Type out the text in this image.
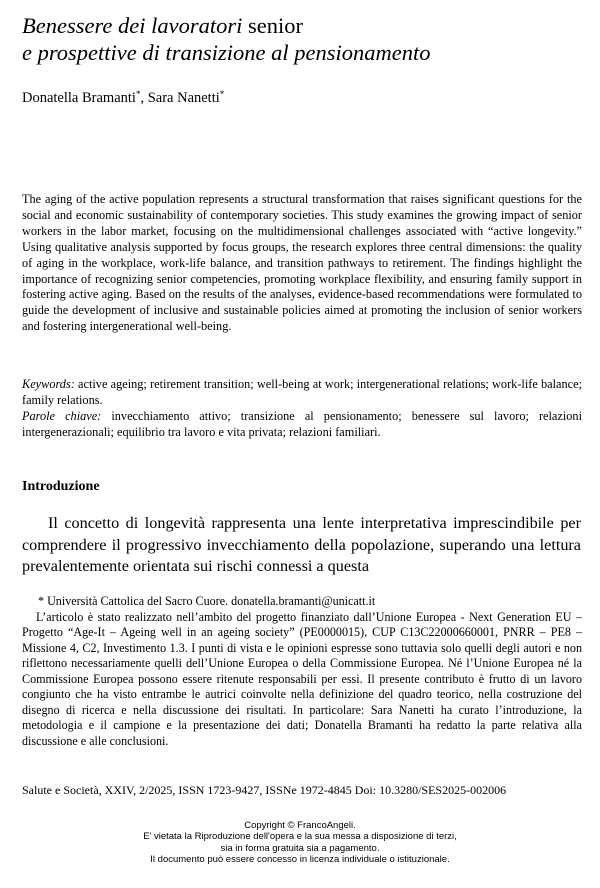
Benessere dei lavoratori senior
e prospettive di transizione al pensionamento
Donatella Bramanti*, Sara Nanetti*
The aging of the active population represents a structural transformation that raises significant questions for the social and economic sustainability of contemporary societies. This study examines the growing impact of senior workers in the labor market, focusing on the multidimensional challenges associated with “active longevity.” Using qualitative analysis supported by focus groups, the research explores three central dimensions: the quality of aging in the workplace, work-life balance, and transition pathways to retirement. The findings highlight the importance of recognizing senior competencies, promoting workplace flexibility, and ensuring family support in fostering active aging. Based on the results of the analyses, evidence-based recommendations were formulated to guide the development of inclusive and sustainable policies aimed at promoting the inclusion of senior workers and fostering intergenerational well-being.
Keywords: active ageing; retirement transition; well-being at work; intergenerational relations; work-life balance; family relations.
Parole chiave: invecchiamento attivo; transizione al pensionamento; benessere sul lavoro; relazioni intergenerazionali; equilibrio tra lavoro e vita privata; relazioni familiari.
Introduzione
Il concetto di longevità rappresenta una lente interpretativa imprescindibile per comprendere il progressivo invecchiamento della popolazione, superando una lettura prevalentemente orientata sui rischi connessi a questa
* Università Cattolica del Sacro Cuore. donatella.bramanti@unicatt.it
L’articolo è stato realizzato nell’ambito del progetto finanziato dall’Unione Europea - Next Generation EU – Progetto “Age-It – Ageing well in an ageing society” (PE0000015), CUP C13C22000660001, PNRR – PE8 – Missione 4, C2, Investimento 1.3. I punti di vista e le opinioni espresse sono tuttavia solo quelli degli autori e non riflettono necessariamente quelli dell’Unione Europea o della Commissione Europea. Né l’Unione Europea né la Commissione Europea possono essere ritenute responsabili per essi. Il presente contributo è frutto di un lavoro congiunto che ha visto entrambe le autrici coinvolte nella definizione del quadro teorico, nella costruzione del disegno di ricerca e nella discussione dei risultati. In particolare: Sara Nanetti ha curato l’introduzione, la metodologia e il campione e la presentazione dei dati; Donatella Bramanti ha redatto la parte relativa alla discussione e alle conclusioni.
Salute e Società, XXIV, 2/2025, ISSN 1723-9427, ISSNe 1972-4845 Doi: 10.3280/SES2025-002006
Copyright © FrancoAngeli.
E' vietata la Riproduzione dell'opera e la sua messa a disposizione di terzi,
sia in forma gratuita sia a pagamento.
Il documento può essere concesso in licenza individuale o istituzionale.
